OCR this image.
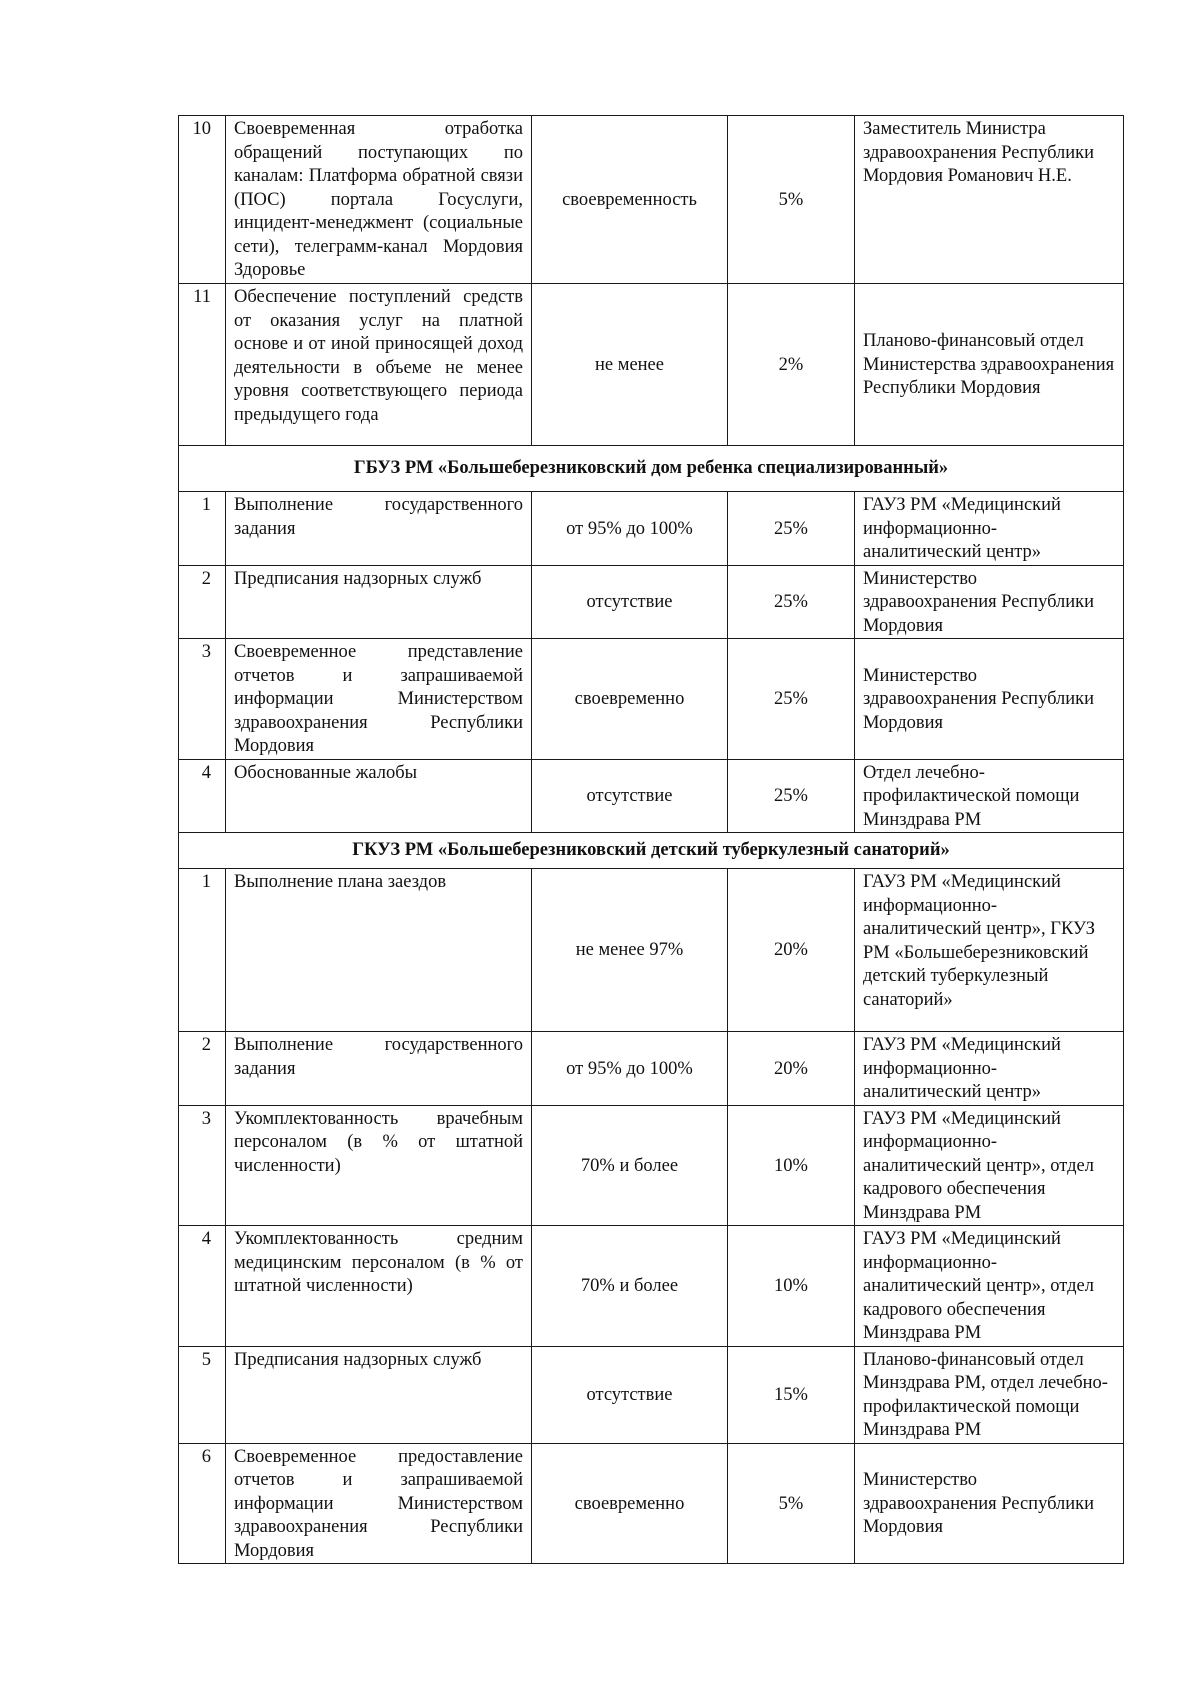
10	Своевременная отработка обращений поступающих по каналам: Платформа обратной связи (ПОС) портала Госуслуги, инцидент-менеджмент (социальные сети), телеграмм-канал Мордовия Здоровье	своевременность	5%	Заместитель Министра здравоохранения Республики Мордовия Романович Н.Е.
11	Обеспечение поступлений средств от оказания услуг на платной основе и от иной приносящей доход деятельности в объеме не менее уровня соответствующего периода предыдущего года	не менее	2%	Планово-финансовый отдел Министерства здравоохранения Республики Мордовия
ГБУЗ РМ «Большеберезниковский дом ребенка специализированный»				
1	Выполнение государственного задания	от 95% до 100%	25%	ГАУЗ РМ «Медицинский информационно-аналитический центр»
2	Предписания надзорных служб	отсутствие	25%	Министерство здравоохранения Республики Мордовия
3	Своевременное представление отчетов и запрашиваемой информации Министерством здравоохранения Республики Мордовия	своевременно	25%	Министерство здравоохранения Республики Мордовия
4	Обоснованные жалобы	отсутствие	25%	Отдел лечебно-профилактической помощи Минздрава РМ
ГКУЗ РМ «Большеберезниковский детский туберкулезный санаторий»				
1	Выполнение плана заездов	не менее 97%	20%	ГАУЗ РМ «Медицинский информационно-аналитический центр», ГКУЗ РМ «Большеберезниковский детский туберкулезный санаторий»
2	Выполнение государственного задания	от 95% до 100%	20%	ГАУЗ РМ «Медицинский информационно-аналитический центр»
3	Укомплектованность врачебным персоналом (в % от штатной численности)	70% и более	10%	ГАУЗ РМ «Медицинский информационно-аналитический центр», отдел кадрового обеспечения Минздрава РМ
4	Укомплектованность средним медицинским персоналом (в % от штатной численности)	70% и более	10%	ГАУЗ РМ «Медицинский информационно-аналитический центр», отдел кадрового обеспечения Минздрава РМ
5	Предписания надзорных служб	отсутствие	15%	Планово-финансовый отдел Минздрава РМ, отдел лечебно-профилактической помощи Минздрава РМ
6	Своевременное предоставление отчетов и запрашиваемой информации Министерством здравоохранения Республики Мордовия	своевременно	5%	Министерство здравоохранения Республики Мордовия
